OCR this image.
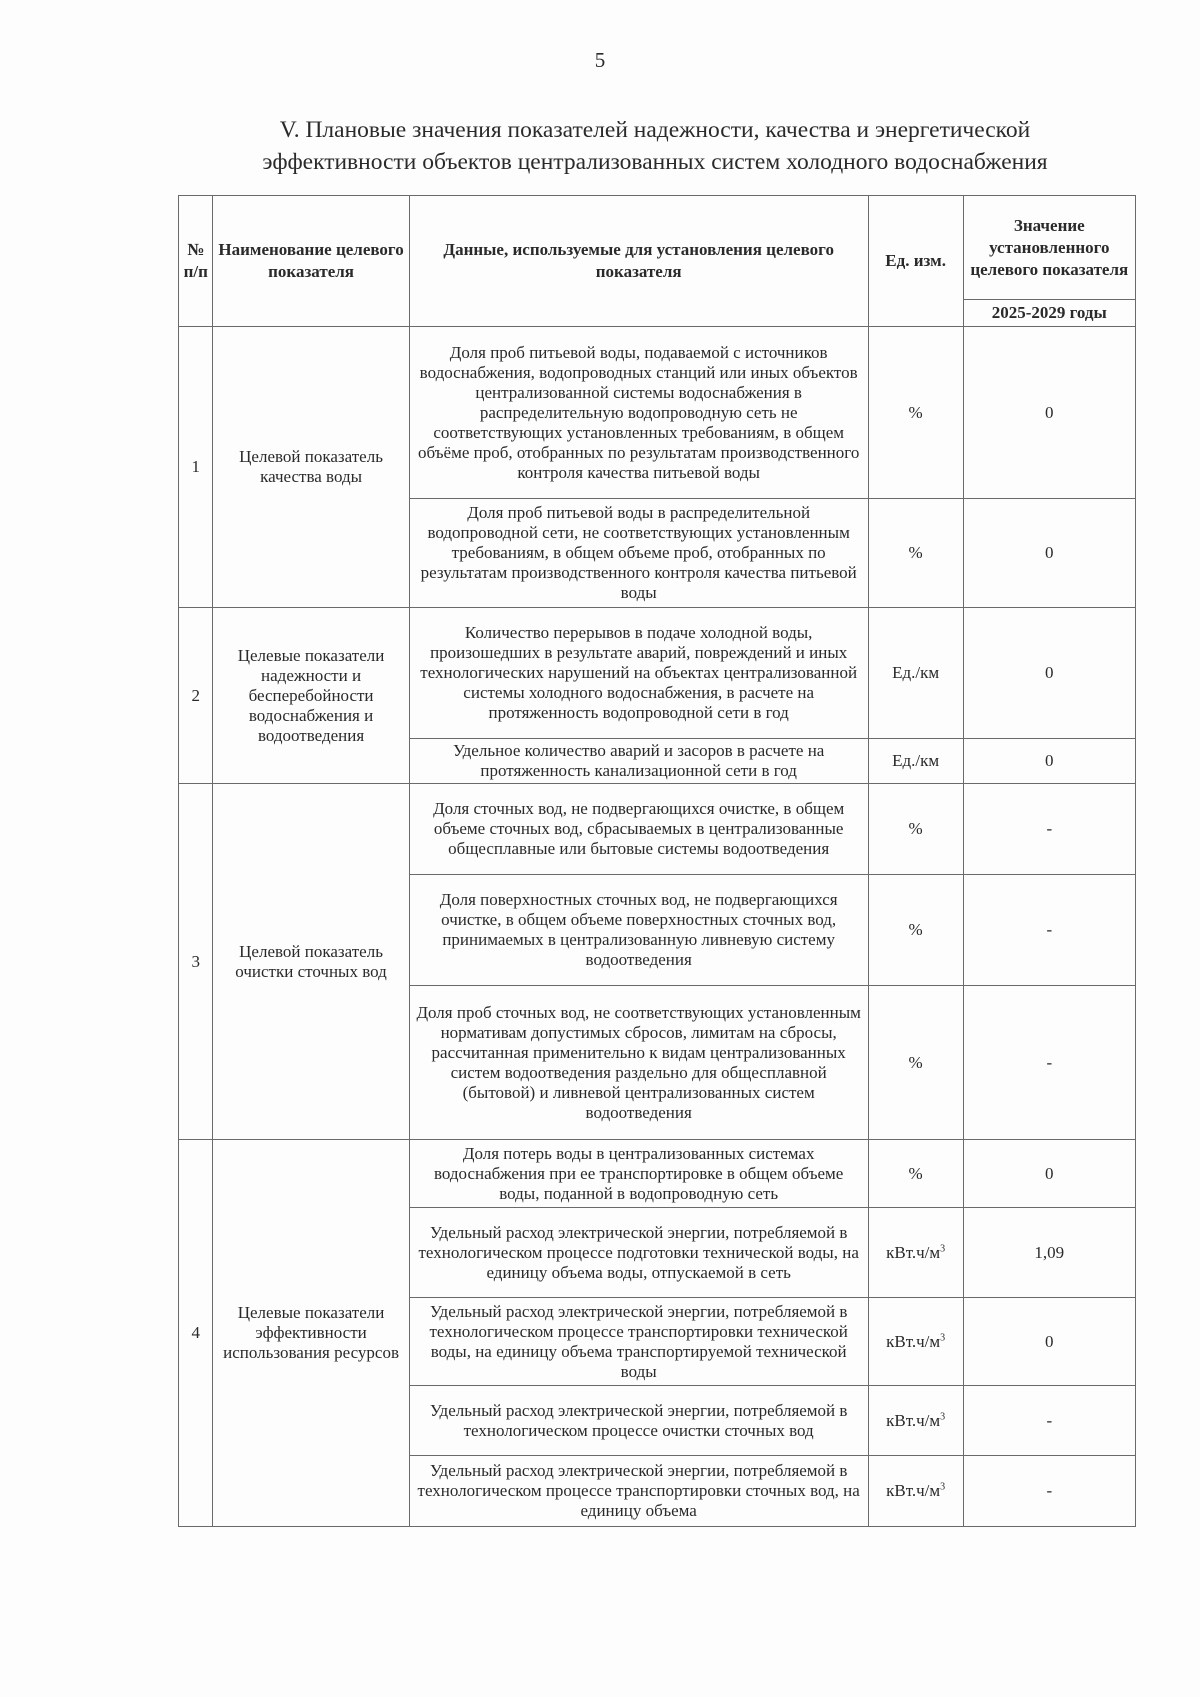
5
V. Плановые значения показателей надежности, качества и энергетической
эффективности объектов централизованных систем холодного водоснабжения
№ п/п	Наименование целевого показателя	Данные, используемые для установления целевого показателя	Ед. изм.	Значение установленного целевого показателя
				2025-2029 годы
1	Целевой показатель качества воды	Доля проб питьевой воды, подаваемой с источников водоснабжения, водопроводных станций или иных объектов централизованной системы водоснабжения в распределительную водопроводную сеть не соответствующих установленных требованиям, в общем объёме проб, отобранных по результатам производственного контроля качества питьевой воды	%	0
		Доля проб питьевой воды в распределительной водопроводной сети, не соответствующих установленным требованиям, в общем объеме проб, отобранных по результатам производственного контроля качества питьевой воды	%	0
2	Целевые показатели надежности и бесперебойности водоснабжения и водоотведения	Количество перерывов в подаче холодной воды, произошедших в результате аварий, повреждений и иных технологических нарушений на объектах централизованной системы холодного водоснабжения, в расчете на протяженность водопроводной сети в год	Ед./км	0
		Удельное количество аварий и засоров в расчете на протяженность канализационной сети в год	Ед./км	0
3	Целевой показатель очистки сточных вод	Доля сточных вод, не подвергающихся очистке, в общем объеме сточных вод, сбрасываемых в централизованные общесплавные или бытовые системы водоотведения	%	-
		Доля поверхностных сточных вод, не подвергающихся очистке, в общем объеме поверхностных сточных вод, принимаемых в централизованную ливневую систему водоотведения	%	-
		Доля проб сточных вод, не соответствующих установленным нормативам допустимых сбросов, лимитам на сбросы, рассчитанная применительно к видам централизованных систем водоотведения раздельно для общесплавной (бытовой) и ливневой централизованных систем водоотведения	%	-
4	Целевые показатели эффективности использования ресурсов	Доля потерь воды в централизованных системах водоснабжения при ее транспортировке в общем объеме воды, поданной в водопроводную сеть	%	0
		Удельный расход электрической энергии, потребляемой в технологическом процессе подготовки технической воды, на единицу объема воды, отпускаемой в сеть	$кВт.ч/м^3$	1,09
		Удельный расход электрической энергии, потребляемой в технологическом процессе транспортировки технической воды, на единицу объема транспортируемой технической воды	$кВт.ч/м^3$	0
		Удельный расход электрической энергии, потребляемой в технологическом процессе очистки сточных вод	$кВт.ч/м^3$	-
		Удельный расход электрической энергии, потребляемой в технологическом процессе транспортировки сточных вод, на единицу объема	$кВт.ч/м^3$	-
